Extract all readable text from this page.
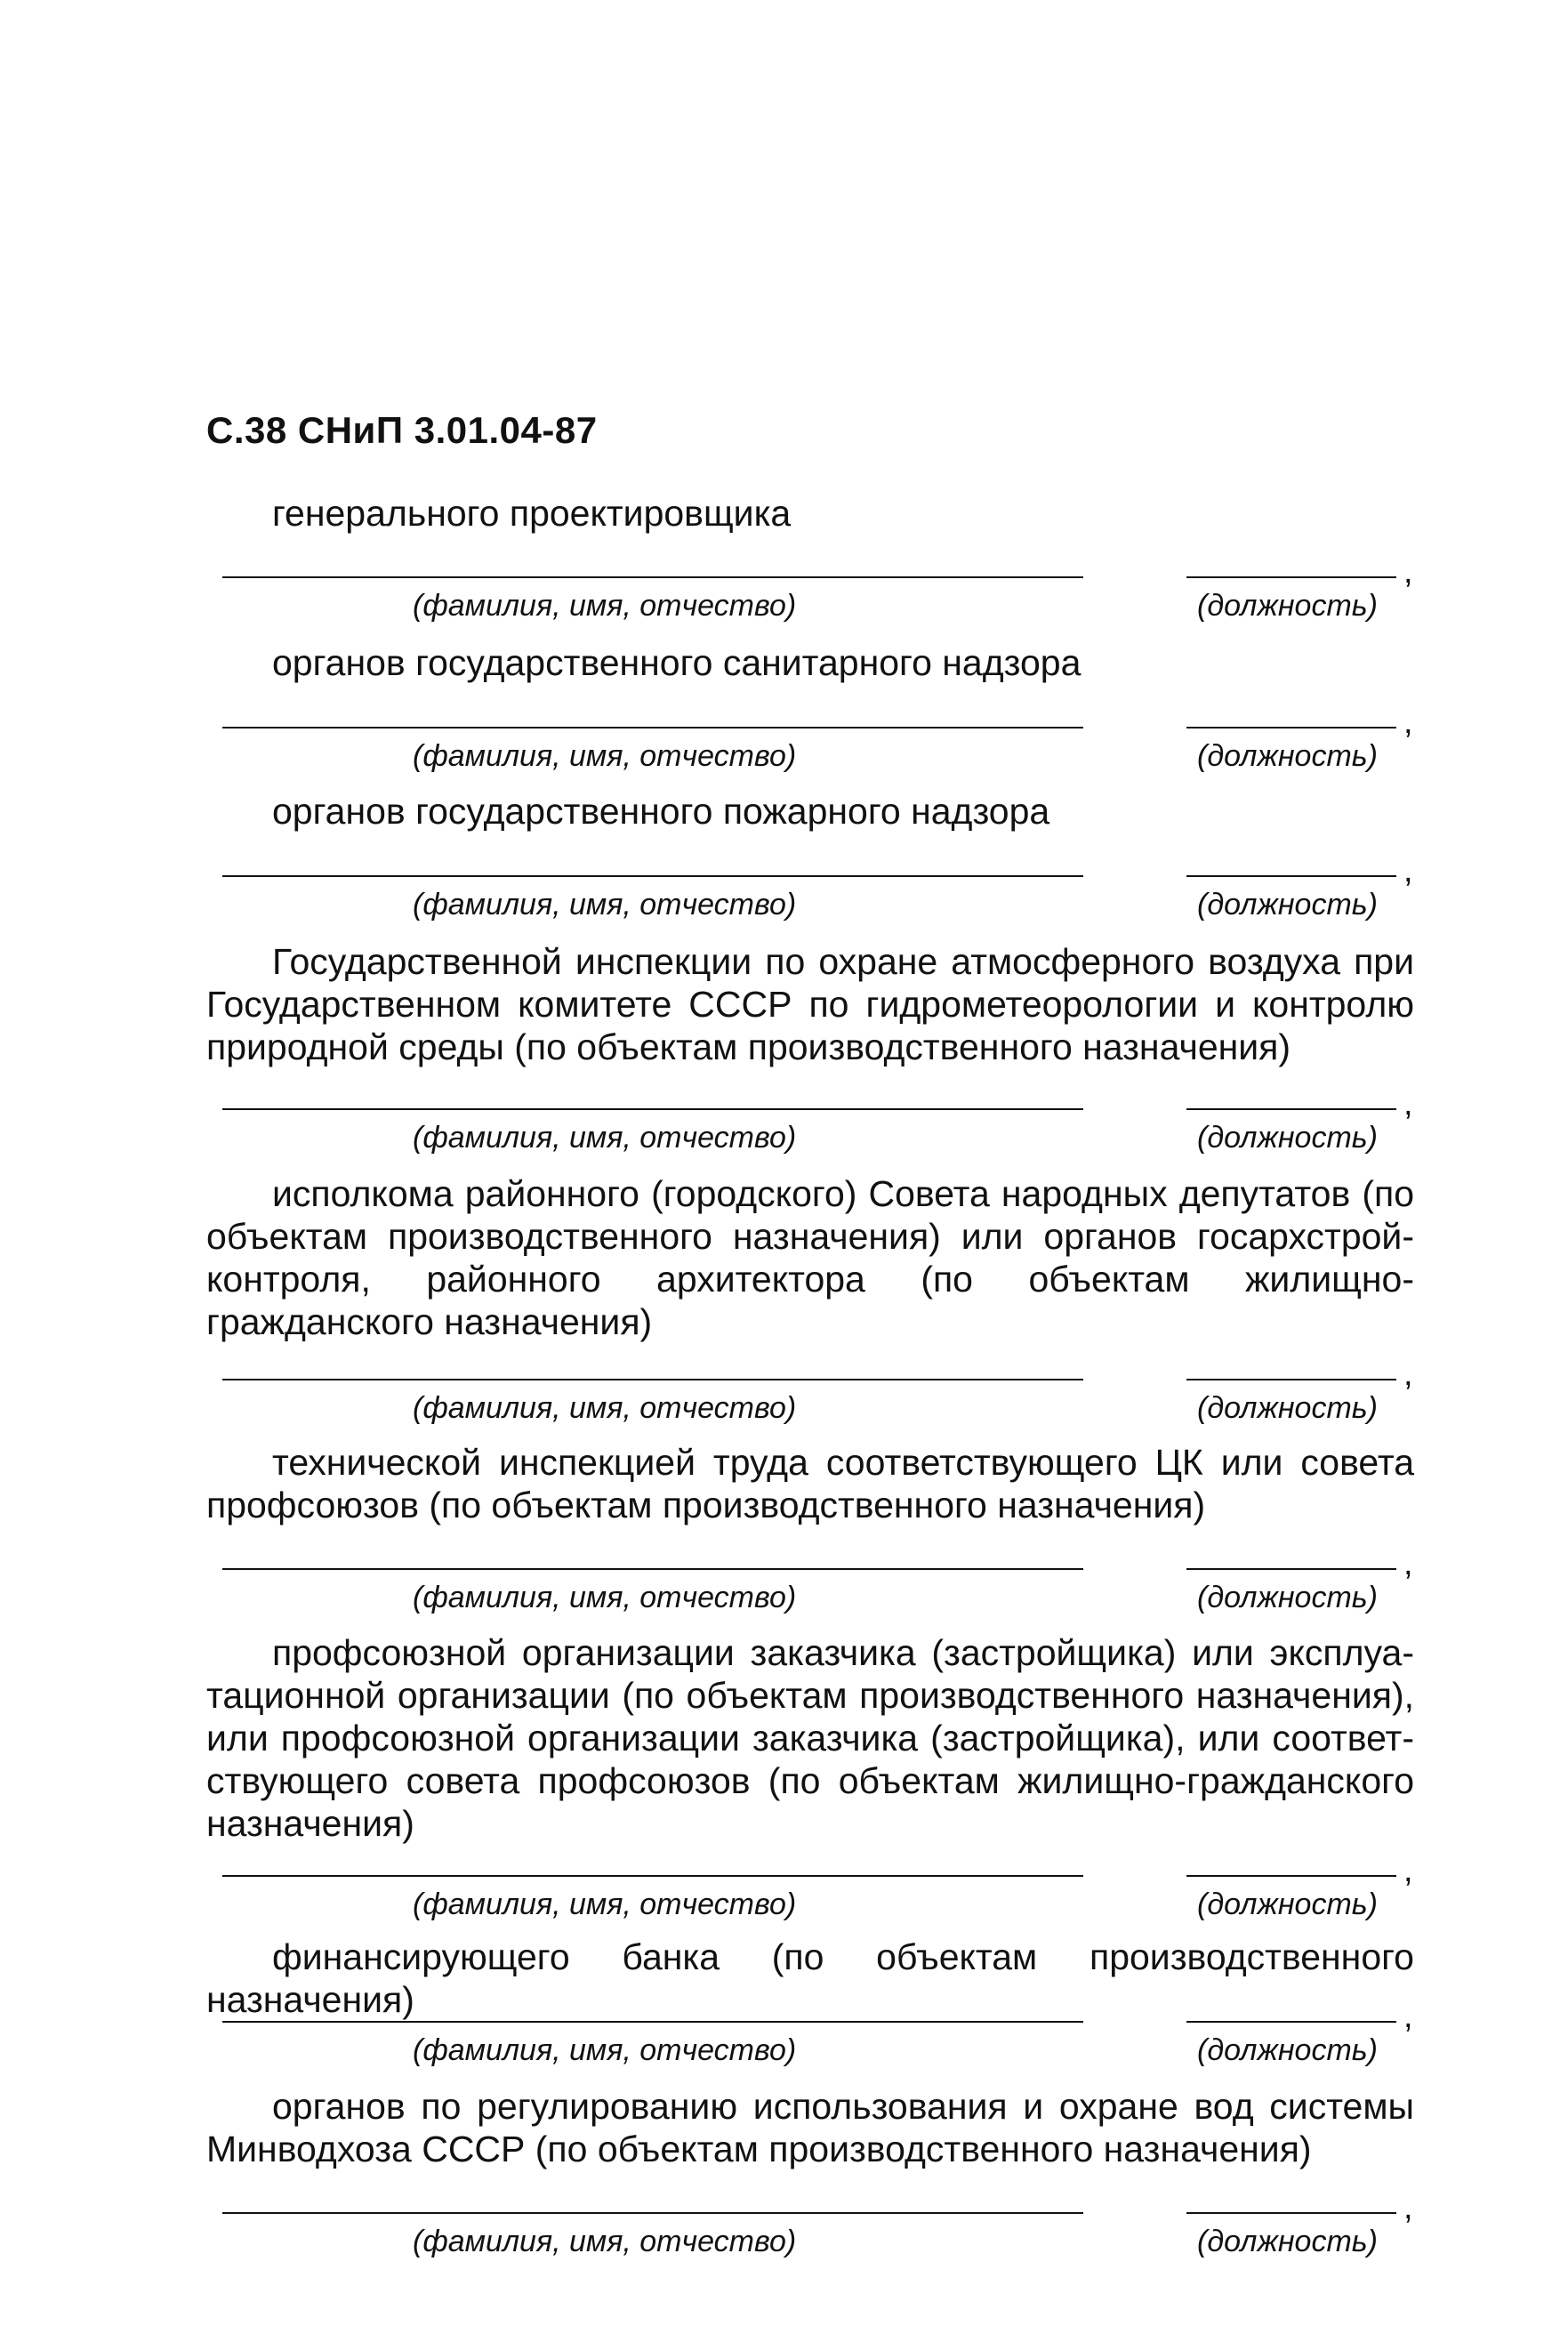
С.38 СНиП 3.01.04-87

генерального проектировщика

,
(фамилия, имя, отчество)	(должность)

органов государственного санитарного надзора

,
(фамилия, имя, отчество)	(должность)

органов государственного пожарного надзора

,
(фамилия, имя, отчество)	(должность)

Государственной инспекции по охране атмосферного воздуха при Государственном комитете СССР по гидрометеорологии и контролю природной среды (по объектам производственного назначения)

,
(фамилия, имя, отчество)	(должность)

исполкома районного (городского) Совета народных депутатов (по объектам производственного назначения) или органов госархстройконтроля, районного архитектора (по объектам жилищно-гражданского назначения)

,
(фамилия, имя, отчество)	(должность)

технической инспекцией труда соответствующего ЦК или совета профсоюзов (по объектам производственного назначения)

,
(фамилия, имя, отчество)	(должность)

профсоюзной организации заказчика (застройщика) или эксплуатационной организации (по объектам производственного назначения), или профсоюзной организации заказчика (застройщика), или соответствующего совета профсоюзов (по объектам жилищно-гражданского назначения)

,
(фамилия, имя, отчество)	(должность)

финансирующего банка (по объектам производственного назначения)	,
(фамилия, имя, отчество)	(должность)

органов по регулированию использования и охране вод системы Минводхоза СССР (по объектам производственного назначения)

,
(фамилия, имя, отчество)	(должность)
